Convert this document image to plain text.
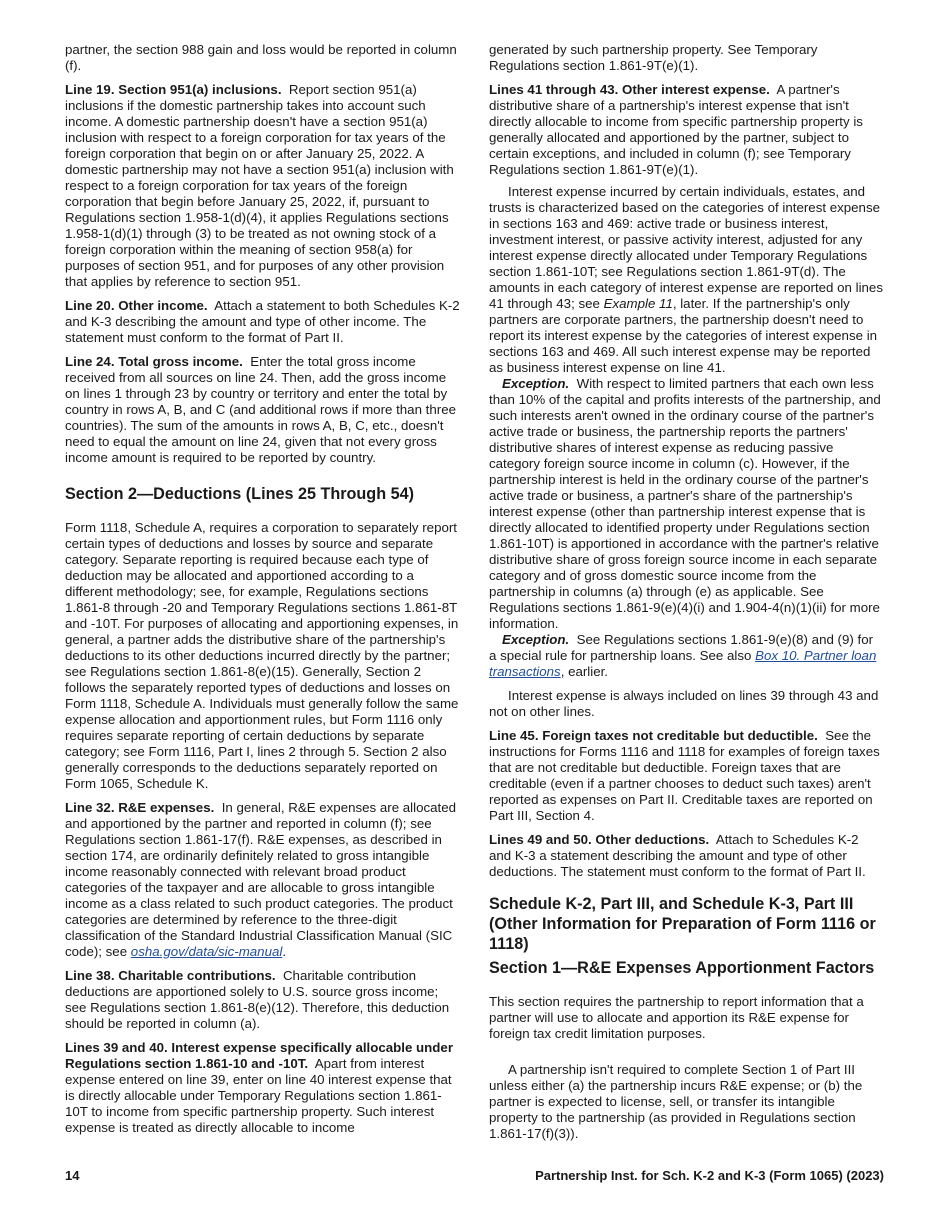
partner, the section 988 gain and loss would be reported in column (f).

Line 19. Section 951(a) inclusions. Report section 951(a) inclusions if the domestic partnership takes into account such income. A domestic partnership doesn't have a section 951(a) inclusion with respect to a foreign corporation for tax years of the foreign corporation that begin on or after January 25, 2022. A domestic partnership may not have a section 951(a) inclusion with respect to a foreign corporation for tax years of the foreign corporation that begin before January 25, 2022, if, pursuant to Regulations section 1.958-1(d)(4), it applies Regulations sections 1.958-1(d)(1) through (3) to be treated as not owning stock of a foreign corporation within the meaning of section 958(a) for purposes of section 951, and for purposes of any other provision that applies by reference to section 951.

Line 20. Other income. Attach a statement to both Schedules K-2 and K-3 describing the amount and type of other income. The statement must conform to the format of Part II.

Line 24. Total gross income. Enter the total gross income received from all sources on line 24. Then, add the gross income on lines 1 through 23 by country or territory and enter the total by country in rows A, B, and C (and additional rows if more than three countries). The sum of the amounts in rows A, B, C, etc., doesn't need to equal the amount on line 24, given that not every gross income amount is required to be reported by country.

Section 2—Deductions (Lines 25 Through 54)

Form 1118, Schedule A, requires a corporation to separately report certain types of deductions and losses by source and separate category. Separate reporting is required because each type of deduction may be allocated and apportioned according to a different methodology; see, for example, Regulations sections 1.861-8 through -20 and Temporary Regulations sections 1.861-8T and -10T. For purposes of allocating and apportioning expenses, in general, a partner adds the distributive share of the partnership's deductions to its other deductions incurred directly by the partner; see Regulations section 1.861-8(e)(15). Generally, Section 2 follows the separately reported types of deductions and losses on Form 1118, Schedule A. Individuals must generally follow the same expense allocation and apportionment rules, but Form 1116 only requires separate reporting of certain deductions by separate category; see Form 1116, Part I, lines 2 through 5. Section 2 also generally corresponds to the deductions separately reported on Form 1065, Schedule K.

Line 32. R&E expenses. In general, R&E expenses are allocated and apportioned by the partner and reported in column (f); see Regulations section 1.861-17(f). R&E expenses, as described in section 174, are ordinarily definitely related to gross intangible income reasonably connected with relevant broad product categories of the taxpayer and are allocable to gross intangible income as a class related to such product categories. The product categories are determined by reference to the three-digit classification of the Standard Industrial Classification Manual (SIC code); see osha.gov/data/sic-manual.

Line 38. Charitable contributions. Charitable contribution deductions are apportioned solely to U.S. source gross income; see Regulations section 1.861-8(e)(12). Therefore, this deduction should be reported in column (a).

Lines 39 and 40. Interest expense specifically allocable under Regulations section 1.861-10 and -10T. Apart from interest expense entered on line 39, enter on line 40 interest expense that is directly allocable under Temporary Regulations section 1.861-10T to income from specific partnership property. Such interest expense is treated as directly allocable to income

generated by such partnership property. See Temporary Regulations section 1.861-9T(e)(1).

Lines 41 through 43. Other interest expense. A partner's distributive share of a partnership's interest expense that isn't directly allocable to income from specific partnership property is generally allocated and apportioned by the partner, subject to certain exceptions, and included in column (f); see Temporary Regulations section 1.861-9T(e)(1).

Interest expense incurred by certain individuals, estates, and trusts is characterized based on the categories of interest expense in sections 163 and 469: active trade or business interest, investment interest, or passive activity interest, adjusted for any interest expense directly allocated under Temporary Regulations section 1.861-10T; see Regulations section 1.861-9T(d). The amounts in each category of interest expense are reported on lines 41 through 43; see Example 11, later. If the partnership's only partners are corporate partners, the partnership doesn't need to report its interest expense by the categories of interest expense in sections 163 and 469. All such interest expense may be reported as business interest expense on line 41.

Exception. With respect to limited partners that each own less than 10% of the capital and profits interests of the partnership, and such interests aren't owned in the ordinary course of the partner's active trade or business, the partnership reports the partners' distributive shares of interest expense as reducing passive category foreign source income in column (c). However, if the partnership interest is held in the ordinary course of the partner's active trade or business, a partner's share of the partnership's interest expense (other than partnership interest expense that is directly allocated to identified property under Regulations section 1.861-10T) is apportioned in accordance with the partner's relative distributive share of gross foreign source income in each separate category and of gross domestic source income from the partnership in columns (a) through (e) as applicable. See Regulations sections 1.861-9(e)(4)(i) and 1.904-4(n)(1)(ii) for more information.

Exception. See Regulations sections 1.861-9(e)(8) and (9) for a special rule for partnership loans. See also Box 10. Partner loan transactions, earlier.

Interest expense is always included on lines 39 through 43 and not on other lines.

Line 45. Foreign taxes not creditable but deductible. See the instructions for Forms 1116 and 1118 for examples of foreign taxes that are not creditable but deductible. Foreign taxes that are creditable (even if a partner chooses to deduct such taxes) aren't reported as expenses on Part II. Creditable taxes are reported on Part III, Section 4.

Lines 49 and 50. Other deductions. Attach to Schedules K-2 and K-3 a statement describing the amount and type of other deductions. The statement must conform to the format of Part II.

Schedule K-2, Part III, and Schedule K-3, Part III (Other Information for Preparation of Form 1116 or 1118)
Section 1—R&E Expenses Apportionment Factors

This section requires the partnership to report information that a partner will use to allocate and apportion its R&E expense for foreign tax credit limitation purposes.

A partnership isn't required to complete Section 1 of Part III unless either (a) the partnership incurs R&E expense; or (b) the partner is expected to license, sell, or transfer its intangible property to the partnership (as provided in Regulations section 1.861-17(f)(3)).

14	Partnership Inst. for Sch. K-2 and K-3 (Form 1065) (2023)
